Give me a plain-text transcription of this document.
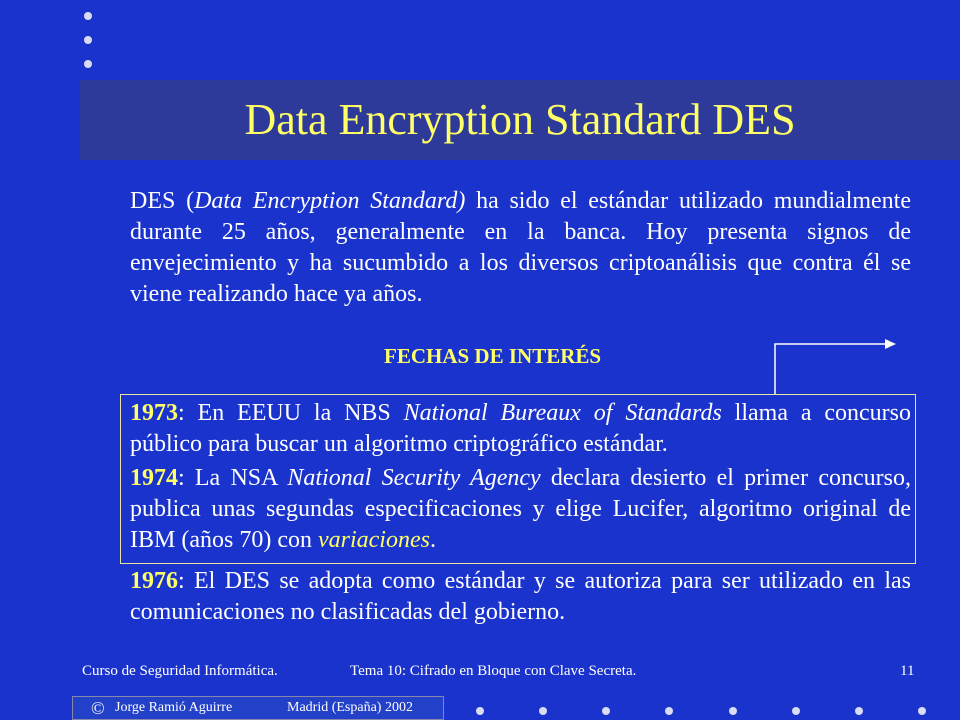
Data Encryption Standard DES

DES (Data Encryption Standard) ha sido el estándar utilizado mundialmente durante 25 años, generalmente en la banca. Hoy presenta signos de envejecimiento y ha sucumbido a los diversos criptoanálisis que contra él se viene realizando hace ya años.

FECHAS DE INTERÉS

1973: En EEUU la NBS National Bureaux of Standards llama a concurso público para buscar un algoritmo criptográfico estándar.

1974: La NSA National Security Agency declara desierto el primer concurso, publica unas segundas especificaciones y elige Lucifer, algoritmo original de IBM (años 70) con variaciones.

1976: El DES se adopta como estándar y se autoriza para ser utilizado en las comunicaciones no clasificadas del gobierno.

Curso de Seguridad Informática.	Tema 10: Cifrado en Bloque con Clave Secreta.	11
© Jorge Ramió Aguirre	Madrid (España) 2002
